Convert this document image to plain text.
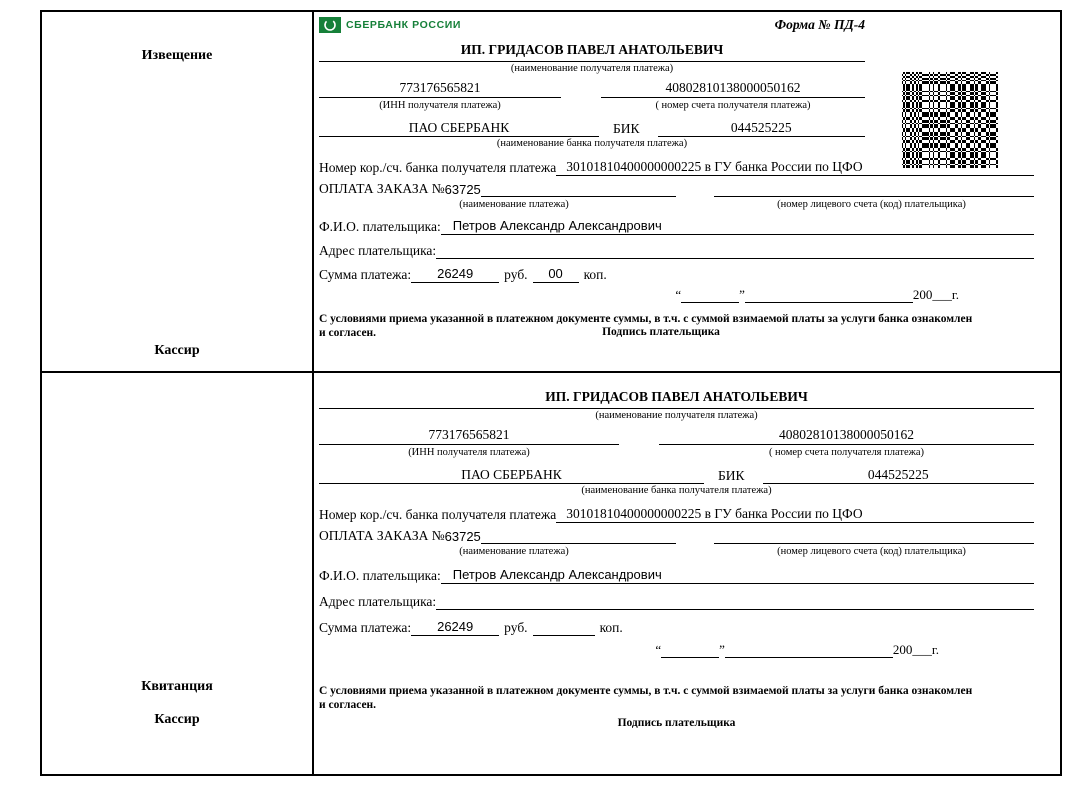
Извещение
Кассир
СБЕРБАНК РОССИИ	Форма № ПД-4
ИП. ГРИДАСОВ ПАВЕЛ АНАТОЛЬЕВИЧ
(наименование получателя платежа)
773176565821	40802810138000050162
(ИНН получателя платежа)	( номер счета получателя платежа)
ПАО СБЕРБАНК	БИК	044525225
(наименование банка получателя платежа)
Номер кор./сч. банка получателя платежа 30101810400000000225 в ГУ банка России по ЦФО
ОПЛАТА ЗАКАЗА № 63725
(наименование платежа)	(номер лицевого счета (код) плательщика)
Ф.И.О. плательщика: Петров Александр Александрович
Адрес плательщика:
Сумма платежа:	26249	руб.	00	коп.
“	”	200___г.
С условиями приема указанной в платежном документе суммы, в т.ч. с суммой взимаемой платы за услуги банка ознакомлен и согласен.	Подпись плательщика
Квитанция
Кассир
ИП. ГРИДАСОВ ПАВЕЛ АНАТОЛЬЕВИЧ
(наименование получателя платежа)
773176565821	40802810138000050162
(ИНН получателя платежа)	( номер счета получателя платежа)
ПАО СБЕРБАНК	БИК	044525225
(наименование банка получателя платежа)
Номер кор./сч. банка получателя платежа 30101810400000000225 в ГУ банка России по ЦФО
ОПЛАТА ЗАКАЗА № 63725
(наименование платежа)	(номер лицевого счета (код) плательщика)
Ф.И.О. плательщика: Петров Александр Александрович
Адрес плательщика:
Сумма платежа:	26249	руб.	коп.
“	”	200___г.
С условиями приема указанной в платежном документе суммы, в т.ч. с суммой взимаемой платы за услуги банка ознакомлен и согласен.
Подпись плательщика
